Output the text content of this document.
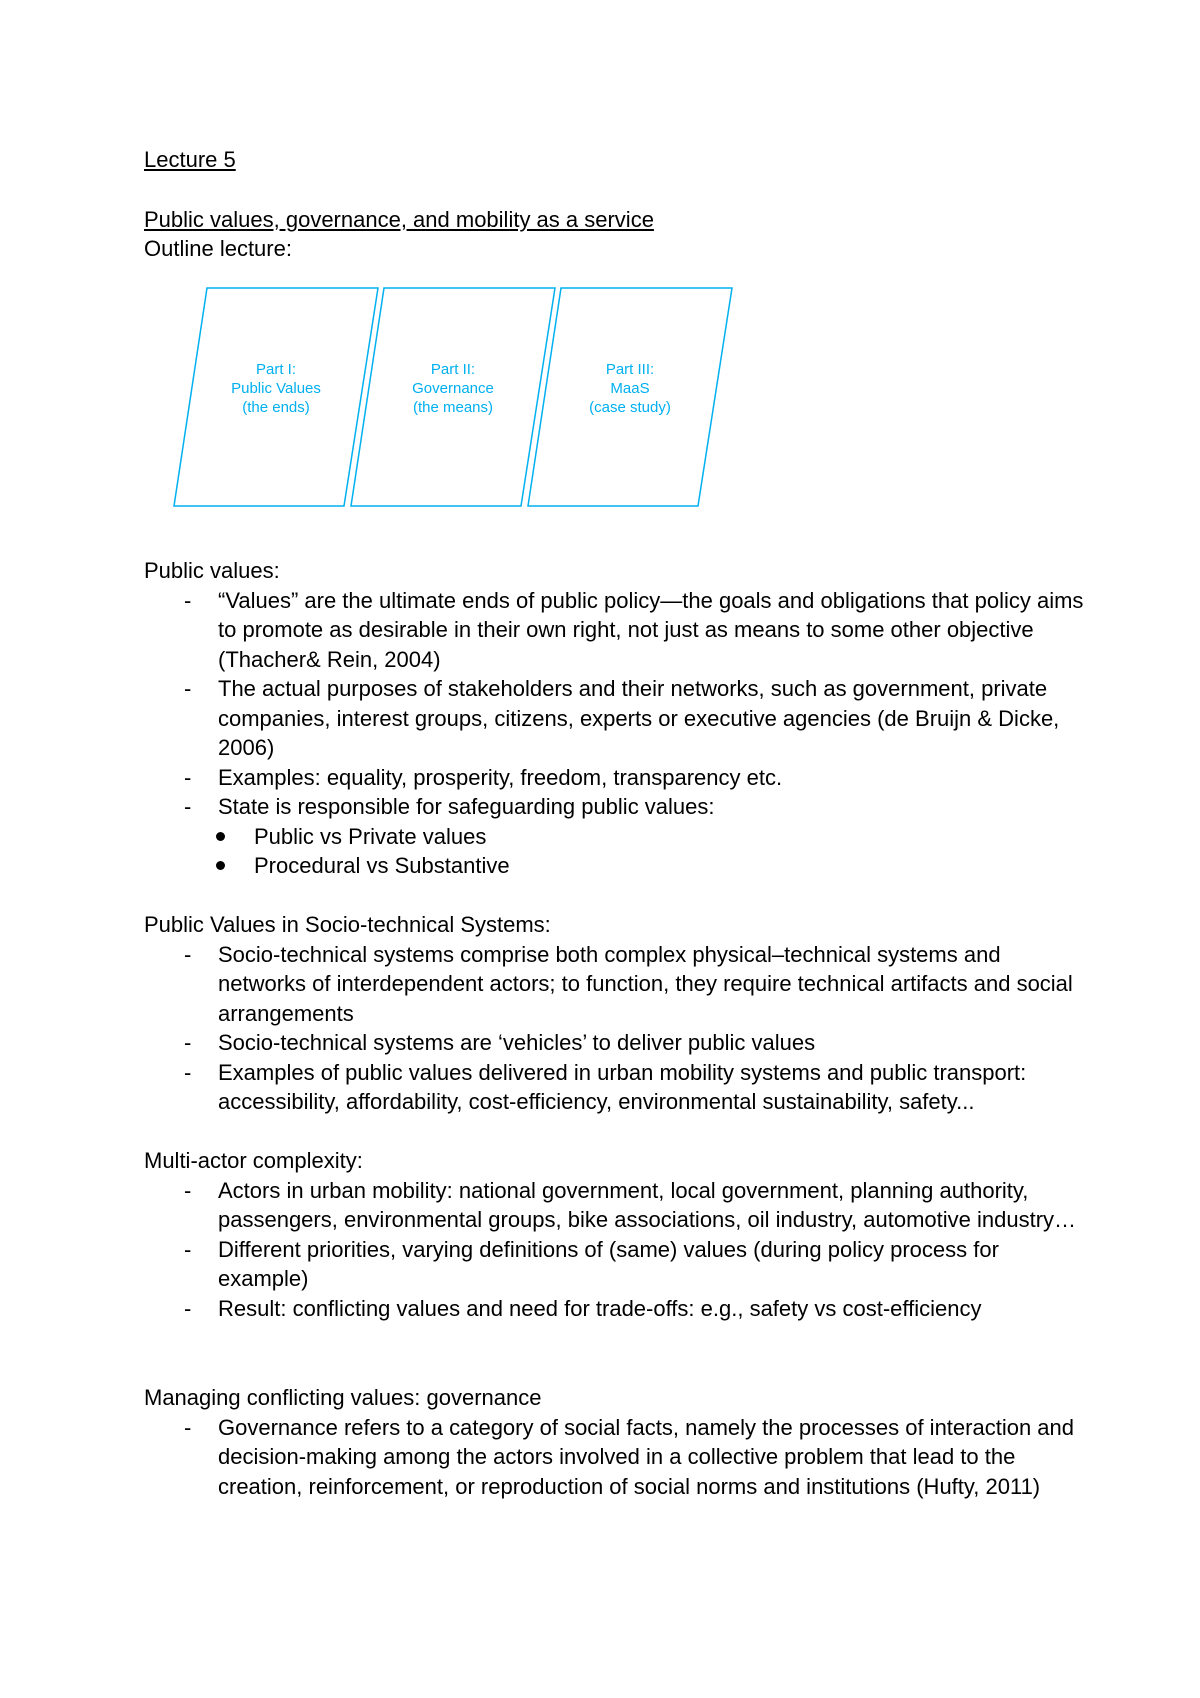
Lecture 5
Public values, governance, and mobility as a service
Outline lecture:
Part I:
Public Values
(the ends)
Part II:
Governance
(the means)
Part III:
MaaS
(case study)
Public values:
- “Values” are the ultimate ends of public policy—the goals and obligations that policy aims to promote as desirable in their own right, not just as means to some other objective (Thacher& Rein, 2004)
- The actual purposes of stakeholders and their networks, such as government, private companies, interest groups, citizens, experts or executive agencies (de Bruijn & Dicke, 2006)
- Examples: equality, prosperity, freedom, transparency etc.
- State is responsible for safeguarding public values:
Public vs Private values
Procedural vs Substantive
Public Values in Socio-technical Systems:
- Socio-technical systems comprise both complex physical–technical systems and networks of interdependent actors; to function, they require technical artifacts and social arrangements
- Socio-technical systems are ‘vehicles’ to deliver public values
- Examples of public values delivered in urban mobility systems and public transport: accessibility, affordability, cost-efficiency, environmental sustainability, safety...
Multi-actor complexity:
- Actors in urban mobility: national government, local government, planning authority, passengers, environmental groups, bike associations, oil industry, automotive industry…
- Different priorities, varying definitions of (same) values (during policy process for example)
- Result: conflicting values and need for trade-offs: e.g., safety vs cost-efficiency
Managing conflicting values: governance
- Governance refers to a category of social facts, namely the processes of interaction and decision-making among the actors involved in a collective problem that lead to the creation, reinforcement, or reproduction of social norms and institutions (Hufty, 2011)
